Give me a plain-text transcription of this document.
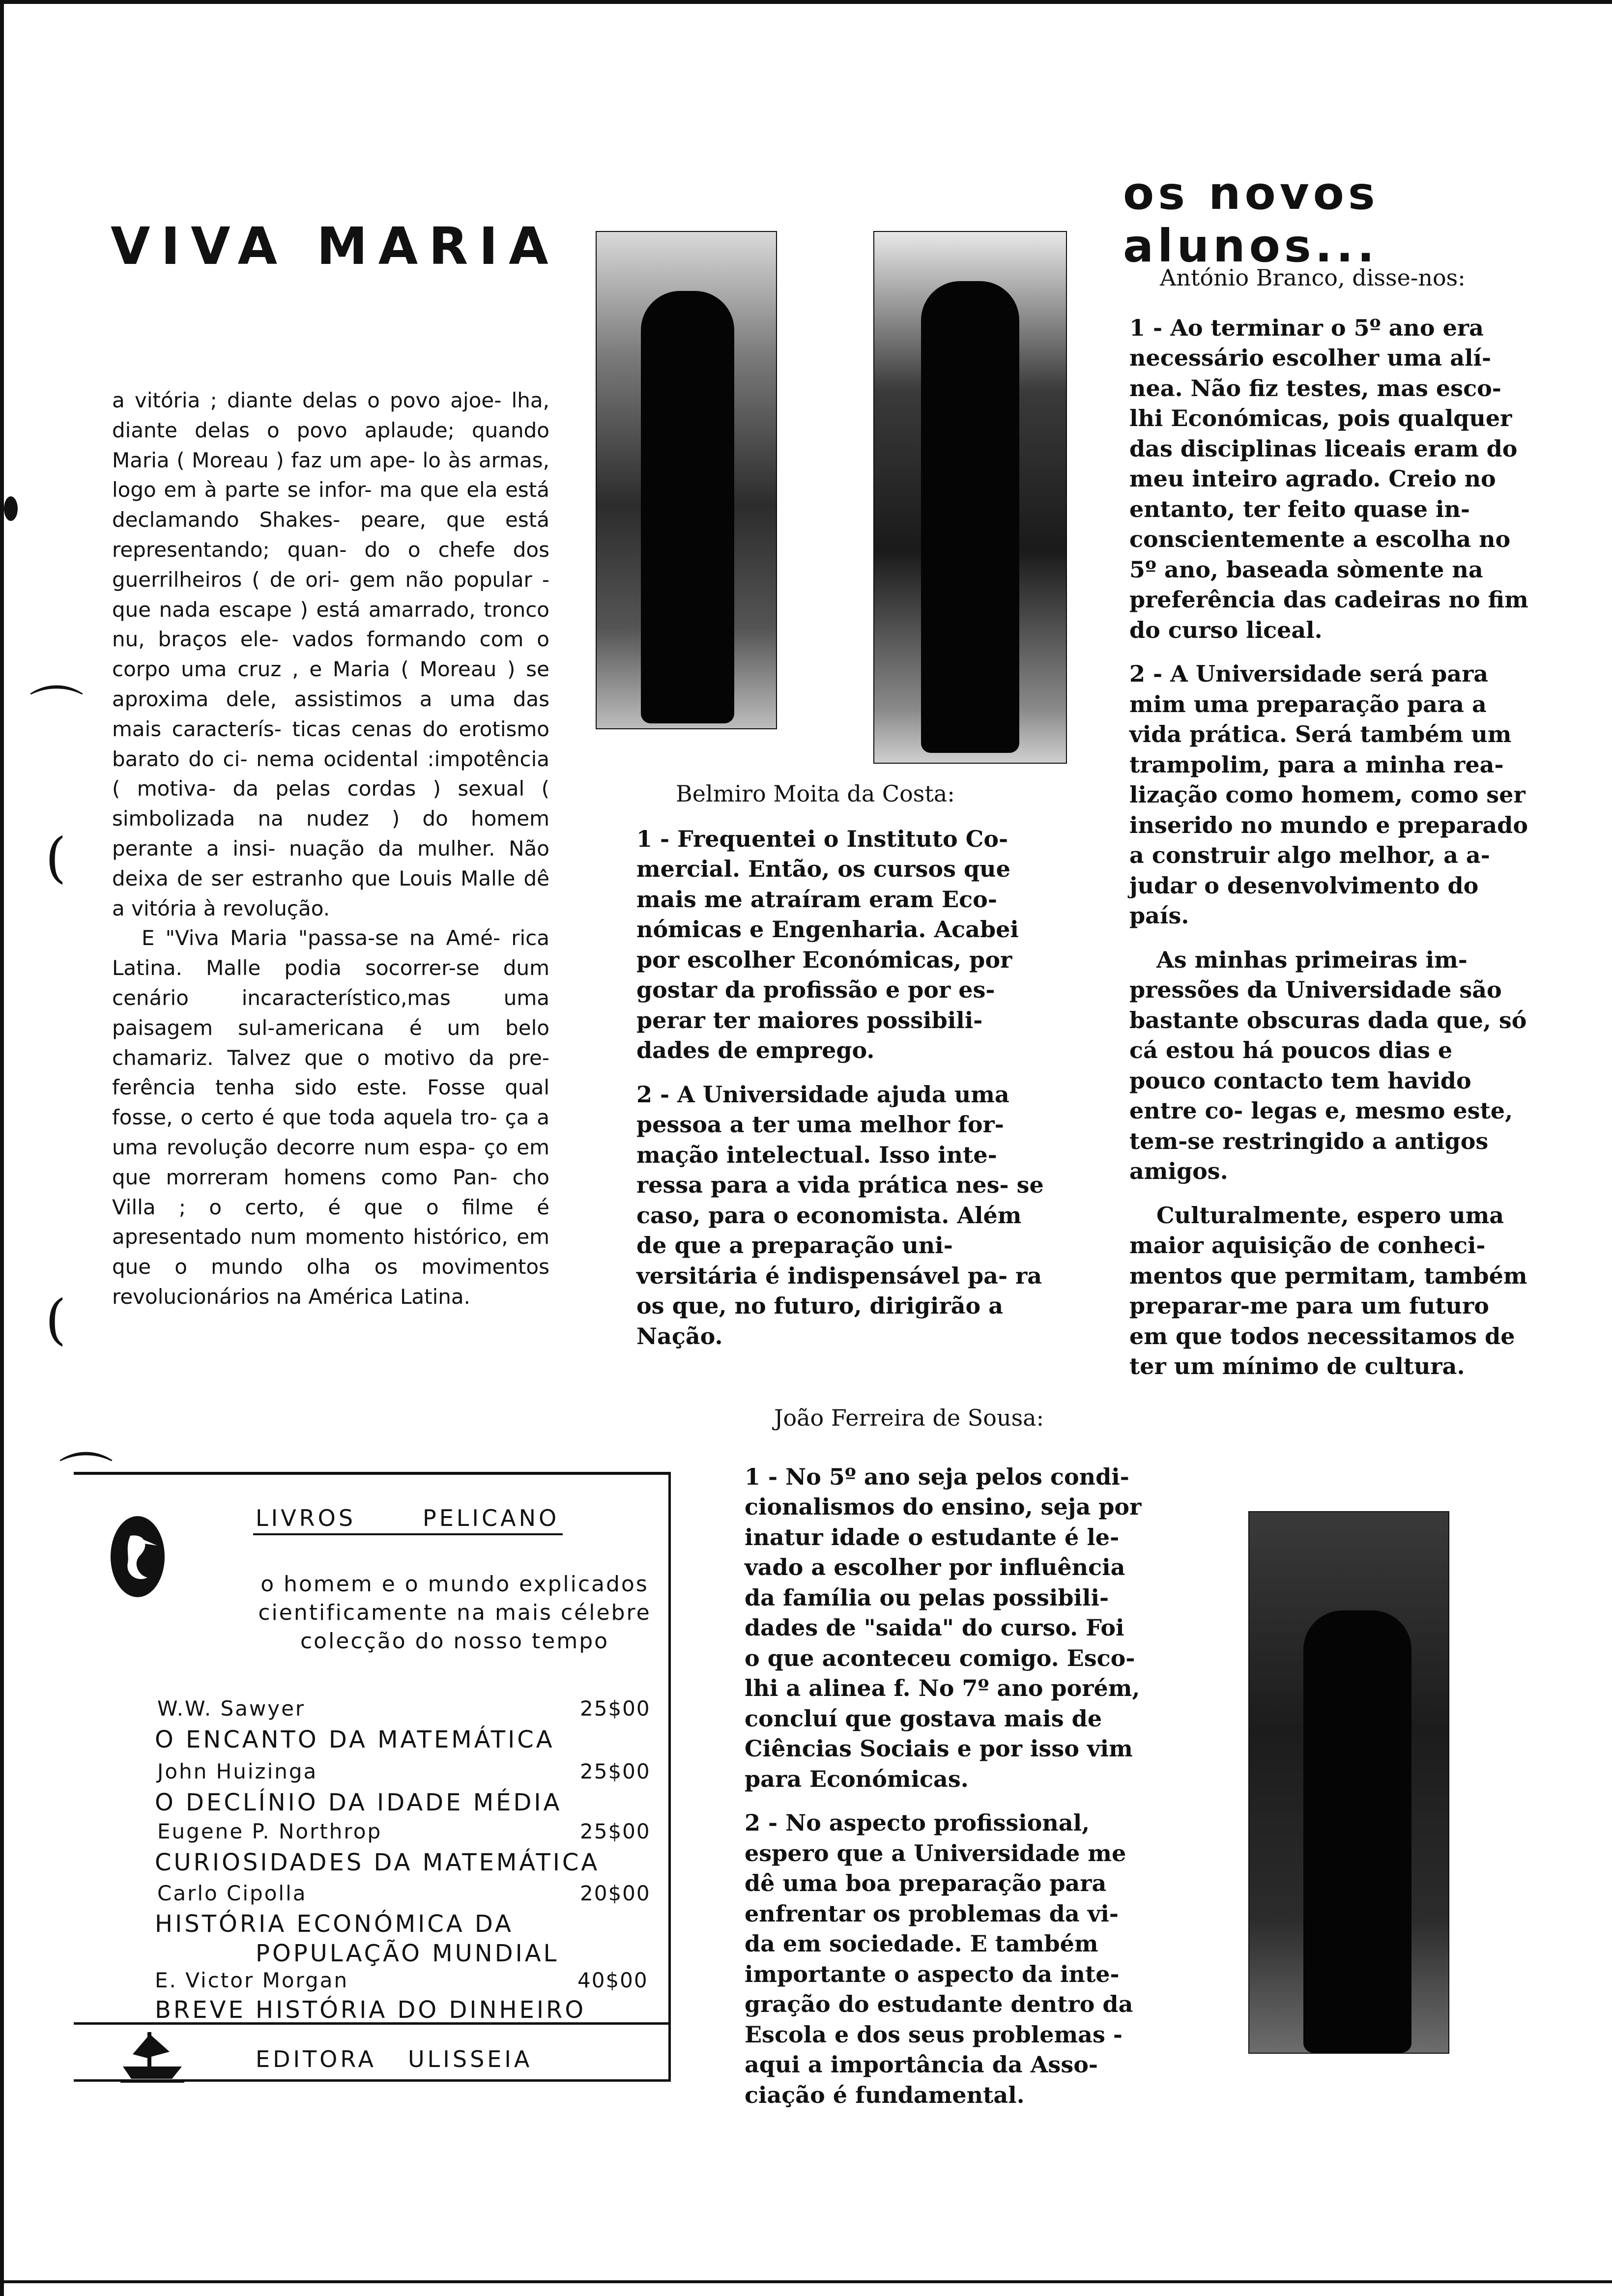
VIVA MARIA

a vitória ; diante delas o povo ajoe- lha, diante delas o povo aplaude; quando Maria ( Moreau ) faz um ape- lo às armas, logo em à parte se infor- ma que ela está declamando Shakes- peare, que está representando; quan- do o chefe dos guerrilheiros ( de ori- gem não popular - que nada escape ) está amarrado, tronco nu, braços ele- vados formando com o corpo uma cruz , e Maria ( Moreau ) se aproxima dele, assistimos a uma das mais caracterís- ticas cenas do erotismo barato do ci- nema ocidental :impotência ( motiva- da pelas cordas ) sexual ( simbolizada na nudez ) do homem perante a insi- nuação da mulher. Não deixa de ser estranho que Louis Malle dê a vitória à revolução.

E "Viva Maria "passa-se na Amé- rica Latina. Malle podia socorrer-se dum cenário incaracterístico,mas uma paisagem sul-americana é um belo chamariz. Talvez que o motivo da pre- ferência tenha sido este. Fosse qual fosse, o certo é que toda aquela tro- ça a uma revolução decorre num espa- ço em que morreram homens como Pan- cho Villa ; o certo, é que o filme é apresentado num momento histórico, em que o mundo olha os movimentos revolucionários na América Latina.

⌒
(
(
os novos alunos...

António Branco, disse-nos:

1 - Ao terminar o 5º ano era necessário escolher uma alí- nea. Não fiz testes, mas esco- lhi Económicas, pois qualquer das disciplinas liceais eram do meu inteiro agrado. Creio no entanto, ter feito quase in- conscientemente a escolha no 5º ano, baseada sòmente na preferência das cadeiras no fim do curso liceal.

2 - A Universidade será para mim uma preparação para a vida prática. Será também um trampolim, para a minha rea- lização como homem, como ser inserido no mundo e preparado a construir algo melhor, a a- judar o desenvolvimento do país.

As minhas primeiras im- pressões da Universidade são bastante obscuras dada que, só cá estou há poucos dias e pouco contacto tem havido entre co- legas e, mesmo este, tem-se restringido a antigos amigos.

Culturalmente, espero uma maior aquisição de conheci- mentos que permitam, também preparar-me para um futuro em que todos necessitamos de ter um mínimo de cultura.

Belmiro Moita da Costa:

1 - Frequentei o Instituto Co- mercial. Então, os cursos que mais me atraíram eram Eco- nómicas e Engenharia. Acabei por escolher Económicas, por gostar da profissão e por es- perar ter maiores possibili- dades de emprego.

2 - A Universidade ajuda uma pessoa a ter uma melhor for- mação intelectual. Isso inte- ressa para a vida prática nes- se caso, para o economista. Além de que a preparação uni- versitária é indispensável pa- ra os que, no futuro, dirigirão a Nação.

João Ferreira de Sousa:

1 - No 5º ano seja pelos condi- cionalismos do ensino, seja por inatur idade o estudante é le- vado a escolher por influência da família ou pelas possibili- dades de "saida" do curso. Foi o que aconteceu comigo. Esco- lhi a alinea f. No 7º ano porém, concluí que gostava mais de Ciências Sociais e por isso vim para Económicas.

2 - No aspecto profissional, espero que a Universidade me dê uma boa preparação para enfrentar os problemas da vi- da em sociedade. E também importante o aspecto da inte- gração do estudante dentro da Escola e dos seus problemas - aqui a importância da Asso- ciação é fundamental.

⌒
LIVROS	PELICANO
o homem e o mundo explicados
cientificamente na mais célebre
colecção do nosso tempo
W.W. Sawyer	25$00
O ENCANTO DA MATEMÁTICA
John Huizinga	25$00
O DECLÍNIO DA IDADE MÉDIA
Eugene P. Northrop	25$00
CURIOSIDADES DA MATEMÁTICA
Carlo Cipolla	20$00
HISTÓRIA ECONÓMICA DA
POPULAÇÃO MUNDIAL
E. Victor Morgan	40$00
BREVE HISTÓRIA DO DINHEIRO
EDITORA ULISSEIA
